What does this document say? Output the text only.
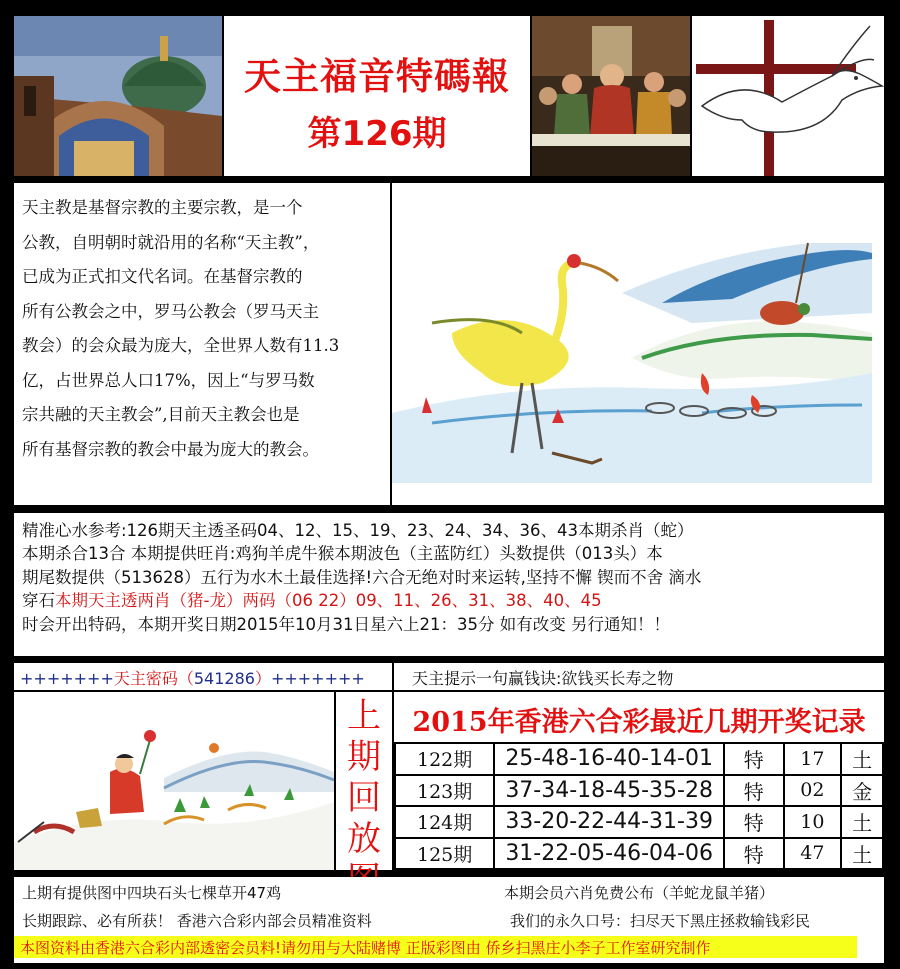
天主福音特碼報
第126期
天主教是基督宗教的主要宗教，是一个
公教，自明朝时就沿用的名称“天主教”，
已成为正式扣文代名词。在基督宗教的
所有公教会之中，罗马公教会（罗马天主
教会）的会众最为庞大，全世界人数有11.3
亿，占世界总人口17%，因上“与罗马数
宗共融的天主教会”,目前天主教会也是
所有基督宗教的教会中最为庞大的教会。
精准心水参考:126期天主透圣码04、12、15、19、23、24、34、36、43本期杀肖（蛇）
本期杀合13合 本期提供旺肖:鸡狗羊虎牛猴本期波色（主蓝防红）头数提供（013头）本
期尾数提供（513628）五行为水木土最佳选择!六合无绝对时来运转,坚持不懈 锲而不舍 滴水
穿石本期天主透两肖（猪-龙）两码（06 22）09、11、26、31、38、40、45
时会开出特码，本期开奖日期2015年10月31日星六上21：35分 如有改变 另行通知！！
+++++++天主密码（541286）+++++++	天主提示一句赢钱诀:欲钱买长寿之物
上期回放
2015年香港六合彩最近几期开奖记录
122期	25-48-16-40-14-01	特	17	土
123期	37-34-18-45-35-28	特	02	金
124期	33-20-22-44-31-39	特	10	土
125期	31-22-05-46-04-06	特	47	土
上期有提供图中四块石头七棵草开47鸡	本期会员六肖免费公布（羊蛇龙鼠羊猪）
长期跟踪、必有所获！ 香港六合彩内部会员精准资料	我们的永久口号：扫尽天下黑庄拯救输钱彩民
本图资料由香港六合彩内部透密会员料!请勿用与大陆赌博 正版彩图由 侨乡扫黑庄小李子工作室研究制作
